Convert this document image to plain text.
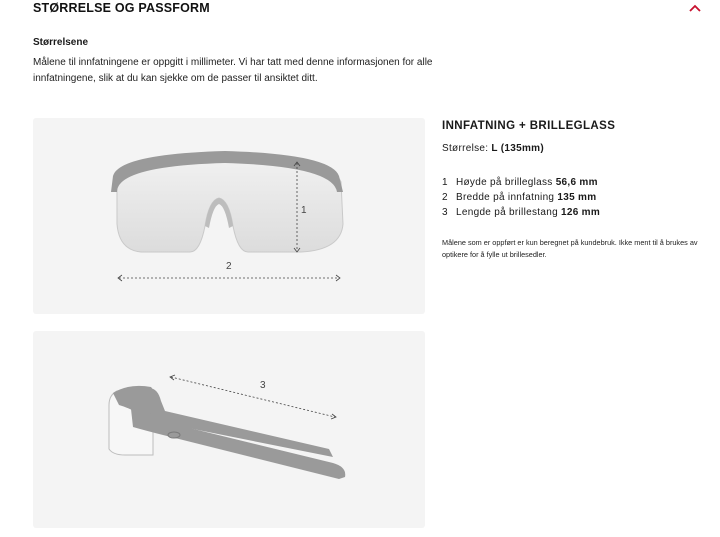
STØRRELSE OG PASSFORM
Størrelsene
Målene til innfatningene er oppgitt i millimeter. Vi har tatt med denne informasjonen for alle innfatningene, slik at du kan sjekke om de passer til ansiktet ditt.
1
2
3
INNFATNING + BRILLEGLASS
Størrelse: L (135mm)
1 Høyde på brilleglass 56,6 mm
2 Bredde på innfatning 135 mm
3 Lengde på brillestang 126 mm
Målene som er oppført er kun beregnet på kundebruk. Ikke ment til å brukes av optikere for å fylle ut brillesedler.
